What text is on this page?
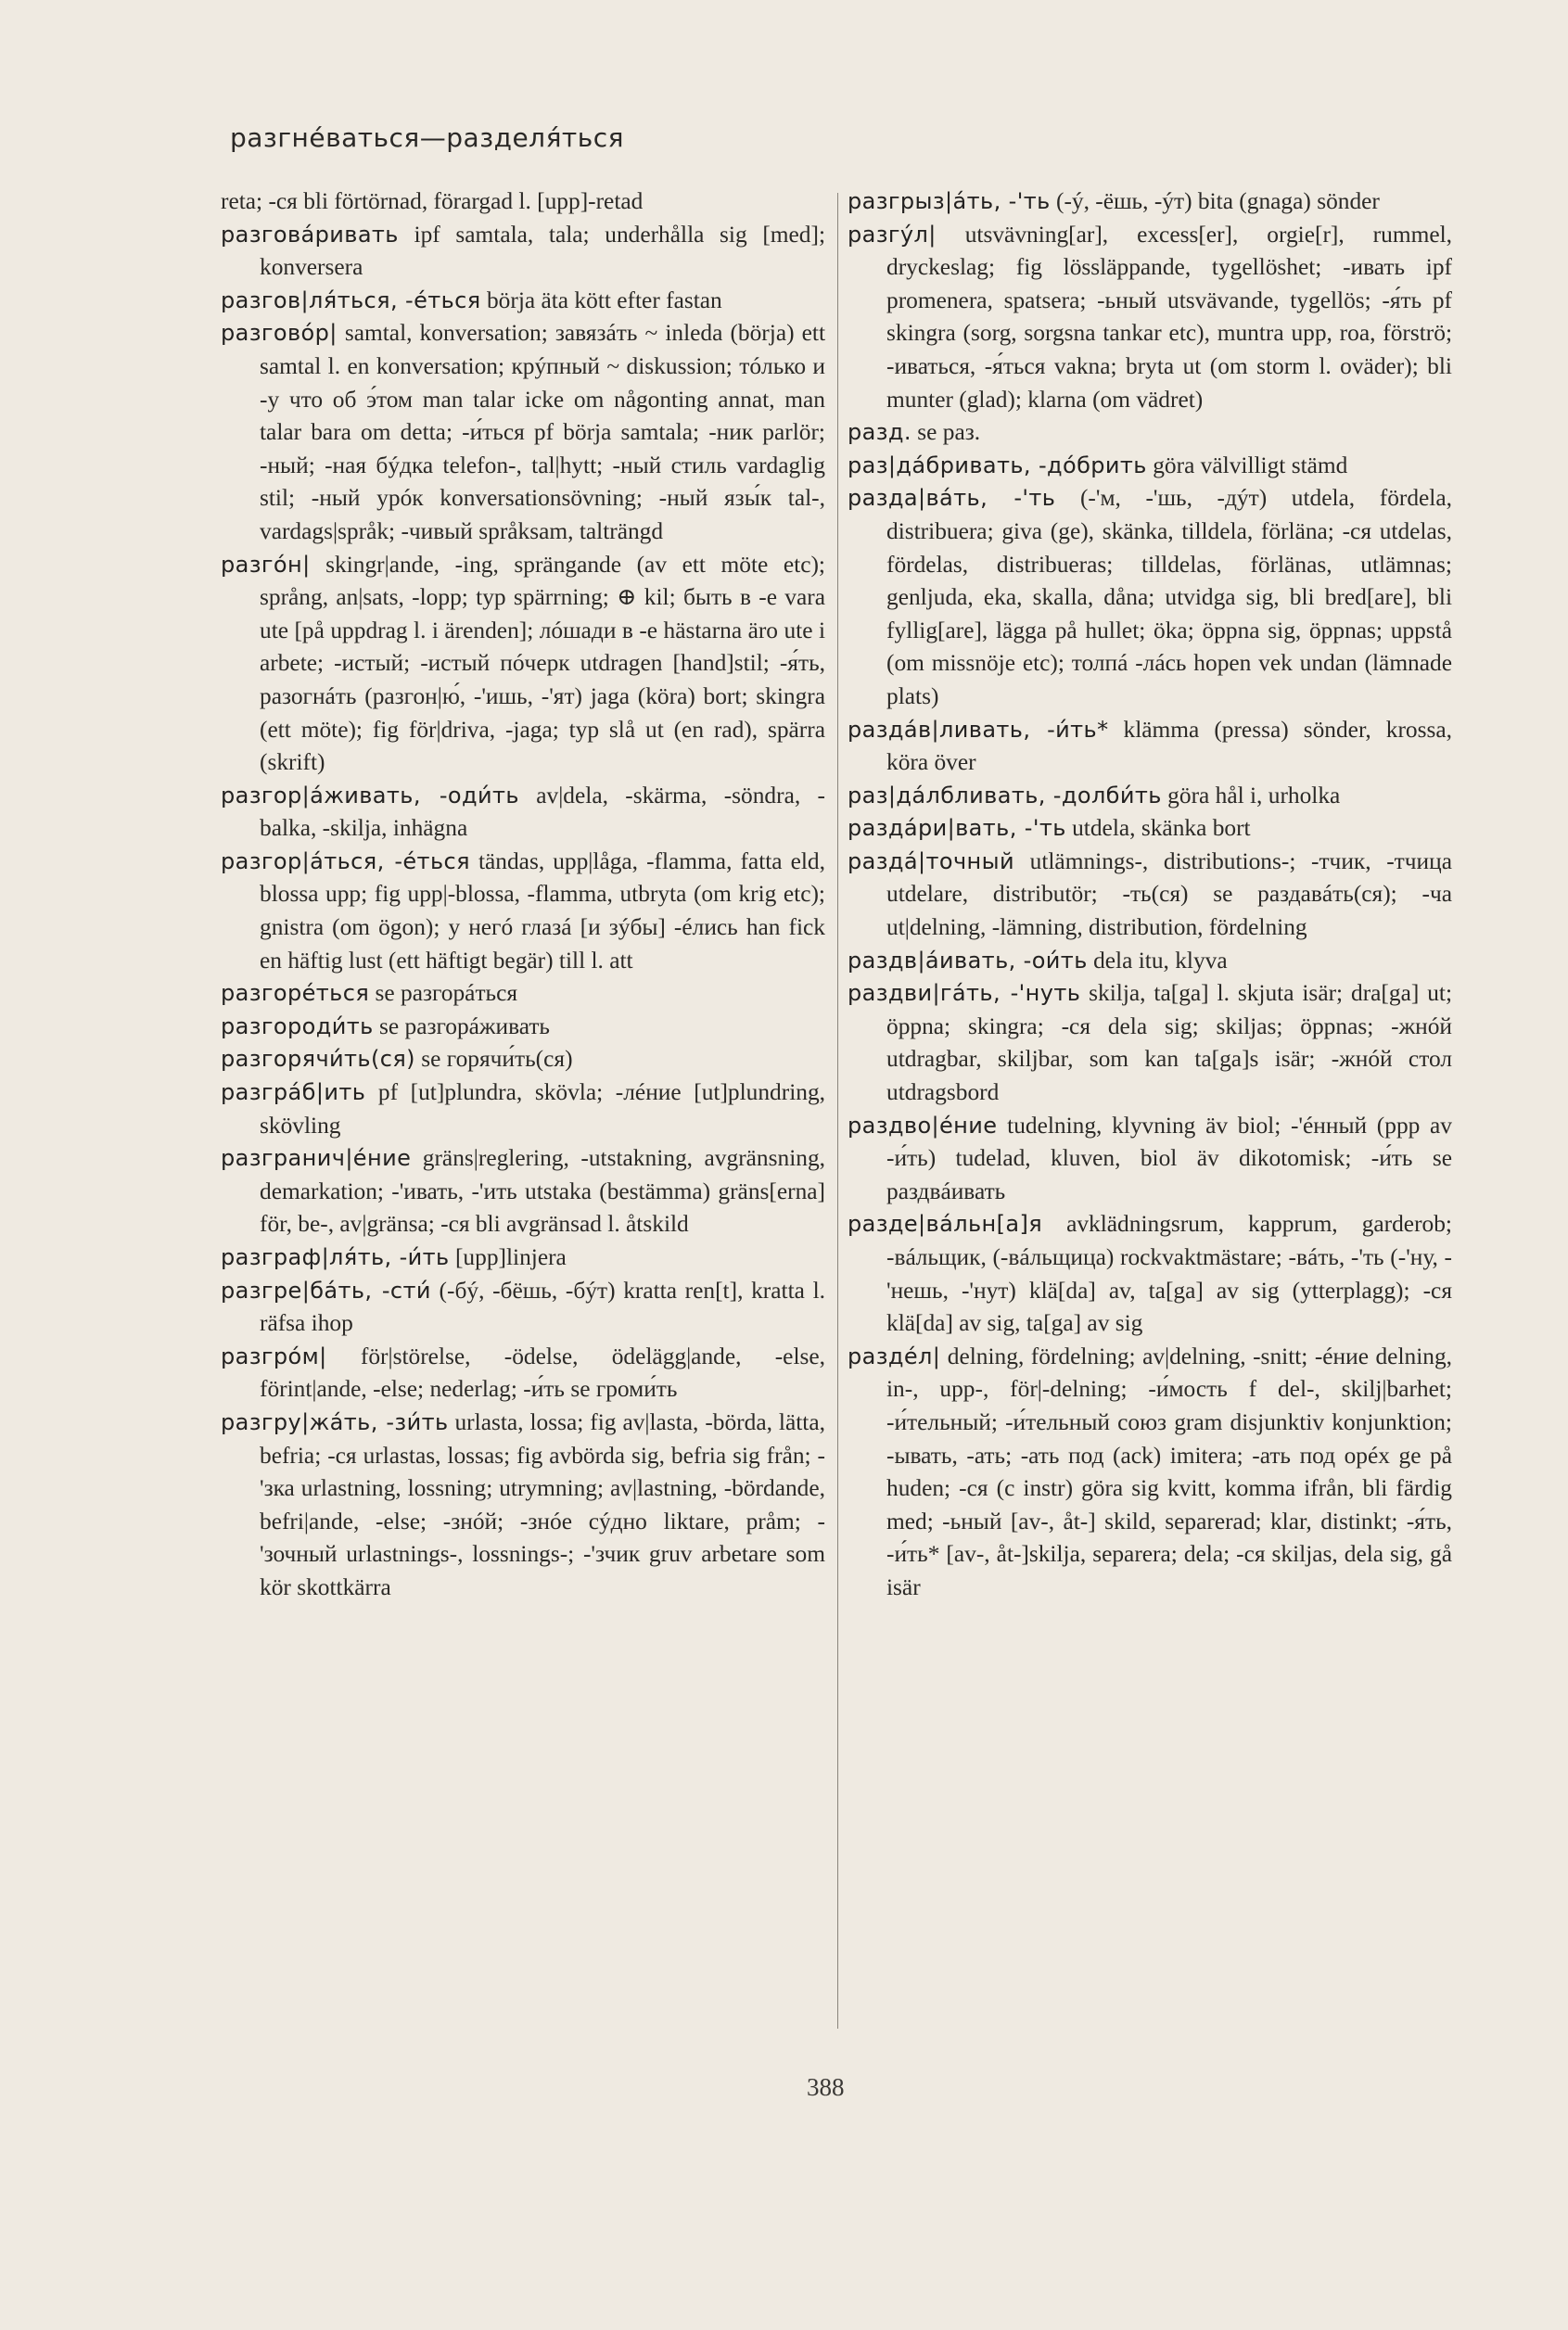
разгнéваться—разделя́ться

reta; -ся bli förtörnad, förargad l. [upp]-retad

разговáривать ipf samtala, tala; underhålla sig [med]; konversera

разгов|ля́ться, -éться börja äta kött efter fastan

разговóр| samtal, konversation; завязáть ~ inleda (börja) ett samtal l. en konversation; крýпный ~ diskussion; тóлько и -у что об э́том man talar icke om någonting annat, man talar bara om detta; -и́ться pf börja samtala; -ник parlör; -ный; -ная бýдка telefon-, tal|hytt; -ный стиль vardaglig stil; -ный урóк konversationsövning; -ный язы́к tal-, vardags|språk; -чивый språksam, talträngd

разгóн| skingr|ande, -ing, sprängande (av ett möte etc); språng, an|sats, -lopp; typ spärrning; ⊕ kil; быть в -е vara ute [på uppdrag l. i ärenden]; лóшади в -е hästarna äro ute i arbete; -истый; -истый пóчерк utdragen [hand]stil; -я́ть, разогнáть (разгон|ю́, -'ишь, -'ят) jaga (köra) bort; skingra (ett möte); fig för|driva, -jaga; typ slå ut (en rad), spärra (skrift)

разгор|áживать, -оди́ть av|dela, -skärma, -söndra, -balka, -skilja, inhägna

разгор|áться, -éться tändas, upp|låga, -flamma, fatta eld, blossa upp; fig upp|-blossa, -flamma, utbryta (om krig etc); gnistra (om ögon); у негó глазá [и зýбы] -éлись han fick en häftig lust (ett häftigt begär) till l. att

разгорéться se разгорáться

разгороди́ть se разгорáживать

разгорячи́ть(ся) se горячи́ть(ся)

разгрáб|ить pf [ut]plundra, skövla; -лéние [ut]plundring, skövling

разгранич|éние gräns|reglering, -utstakning, avgränsning, demarkation; -'ивать, -'ить utstaka (bestämma) gräns[erna] för, be-, av|gränsa; -ся bli avgränsad l. åtskild

разграф|ля́ть, -и́ть [upp]linjera

разгре|бáть, -сти́ (-бý, -бёшь, -бýт) kratta ren[t], kratta l. räfsa ihop

разгрóм| för|störelse, -ödelse, ödelägg|ande, -else, förint|ande, -else; nederlag; -и́ть se громи́ть

разгру|жáть, -зи́ть urlasta, lossa; fig av|lasta, -börda, lätta, befria; -ся urlastas, lossas; fig avbörda sig, befria sig från; -'зка urlastning, lossning; utrymning; av|lastning, -bördande, befri|ande, -else; -знóй; -знóе сýдно liktare, pråm; -'зочный urlastnings-, lossnings-; -'зчик gruv arbetare som kör skottkärra

разгрыз|áть, -'ть (-ý, -ёшь, -ýт) bita (gnaga) sönder

разгýл| utsvävning[ar], excess[er], orgie[r], rummel, dryckeslag; fig lössläppande, tygellöshet; -ивать ipf promenera, spatsera; -ьный utsvävande, tygellös; -я́ть pf skingra (sorg, sorgsna tankar etc), muntra upp, roa, förströ; -иваться, -я́ться vakna; bryta ut (om storm l. oväder); bli munter (glad); klarna (om vädret)

разд. se раз.

раз|дáбривать, -дóбрить göra välvilligt stämd

разда|вáть, -'ть (-'м, -'шь, -дýт) utdela, fördela, distribuera; giva (ge), skänka, tilldela, förläna; -ся utdelas, fördelas, distribueras; tilldelas, förlänas, utlämnas; genljuda, eka, skalla, dåna; utvidga sig, bli bred[are], bli fyllig[are], lägga på hullet; öka; öppna sig, öppnas; uppstå (om missnöje etc); толпá -лáсь hopen vek undan (lämnade plats)

раздáв|ливать, -и́ть* klämma (pressa) sönder, krossa, köra över

раз|дáлбливать, -долби́ть göra hål i, urholka

раздáри|вать, -'ть utdela, skänka bort

раздá|точный utlämnings-, distributions-; -тчик, -тчица utdelare, distributör; -ть(ся) se раздавáть(ся); -ча ut|delning, -lämning, distribution, fördelning

раздв|áивать, -ои́ть dela itu, klyva

раздви|гáть, -'нуть skilja, ta[ga] l. skjuta isär; dra[ga] ut; öppna; skingra; -ся dela sig; skiljas; öppnas; -жнóй utdragbar, skiljbar, som kan ta[ga]s isär; -жнóй стол utdragsbord

раздво|éние tudelning, klyvning äv biol; -'éнный (ppp av -и́ть) tudelad, kluven, biol äv dikotomisk; -и́ть se раздвáивать

разде|вáльн[а]я avklädningsrum, kapprum, garderob; -вáльщик, (-вáльщица) rockvaktmästare; -вáть, -'ть (-'ну, -'нешь, -'нут) klä[da] av, ta[ga] av sig (ytterplagg); -ся klä[da] av sig, ta[ga] av sig

раздéл| delning, fördelning; av|delning, -snitt; -éние delning, in-, upp-, för|-delning; -и́мость f del-, skilj|barhet; -и́тельный; -и́тельный союз gram disjunktiv konjunktion; -ывать, -ать; -ать под (ack) imitera; -ать под орéх ge på huden; -ся (с instr) göra sig kvitt, komma ifrån, bli färdig med; -ьный [av-, åt-] skild, separerad; klar, distinkt; -я́ть, -и́ть* [av-, åt-]skilja, separera; dela; -ся skiljas, dela sig, gå isär

388
